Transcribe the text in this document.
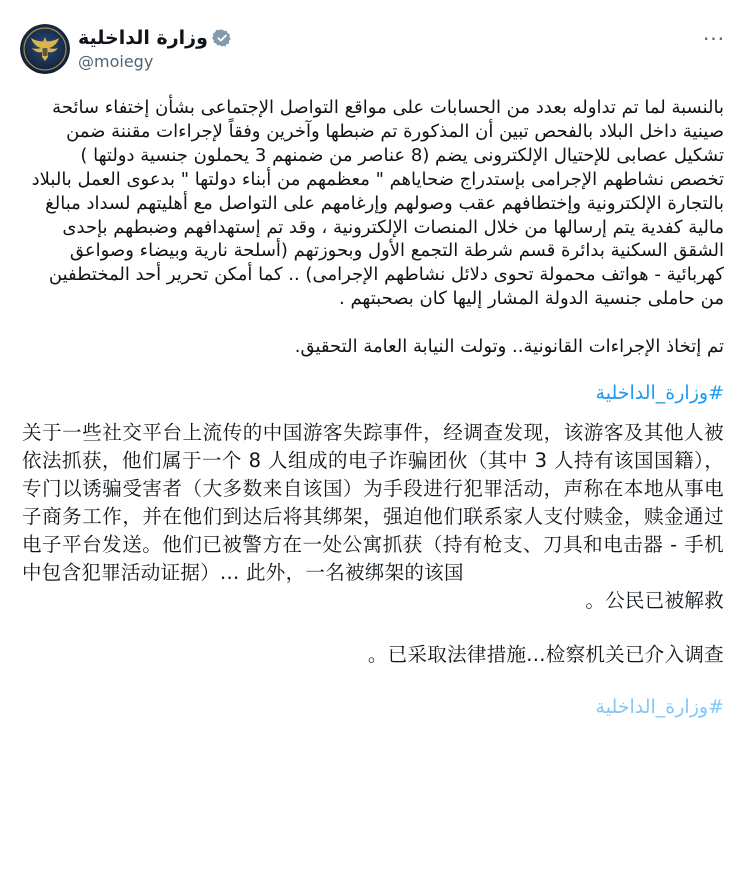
وزارة الداخلية
@moiegy
···

بالنسبة لما تم تداوله بعدد من الحسابات على مواقع التواصل الإجتماعى بشأن إختفاء سائحة صينية داخل البلاد بالفحص تبين أن المذكورة تم ضبطها وآخرين وفقاً لإجراءات مقننة ضمن تشكيل عصابى للإحتيال الإلكترونى يضم (8 عناصر من ضمنهم 3 يحملون جنسية دولتها ) تخصص نشاطهم الإجرامى بإستدراج ضحاياهم " معظمهم من أبناء دولتها " بدعوى العمل بالبلاد بالتجارة الإلكترونية وإختطافهم عقب وصولهم وإرغامهم على التواصل مع أهليتهم لسداد مبالغ مالية كفدية يتم إرسالها من خلال المنصات الإلكترونية ، وقد تم إستهدافهم وضبطهم بإحدى الشقق السكنية بدائرة قسم شرطة التجمع الأول وبحوزتهم (أسلحة نارية وبيضاء وصواعق كهربائية - هواتف محمولة تحوى دلائل نشاطهم الإجرامى) .. كما أمكن تحرير أحد المختطفين من حاملى جنسية الدولة المشار إليها كان بصحبتهم .

تم إتخاذ الإجراءات القانونية.. وتولت النيابة العامة التحقيق.

#وزارة_الداخلية

关于一些社交平台上流传的中国游客失踪事件，经调查发现，该游客及其他人被依法抓获，他们属于一个 8 人组成的电子诈骗团伙（其中 3 人持有该国国籍），专门以诱骗受害者（大多数来自该国）为手段进行犯罪活动，声称在本地从事电子商务工作，并在他们到达后将其绑架，强迫他们联系家人支付赎金，赎金通过电子平台发送。他们已被警方在一处公寓抓获（持有枪支、刀具和电击器 - 手机中包含犯罪活动证据）... 此外，一名被绑架的该国

。公民已被解救

。已采取法律措施...检察机关已介入调查

#وزارة_الداخلية
